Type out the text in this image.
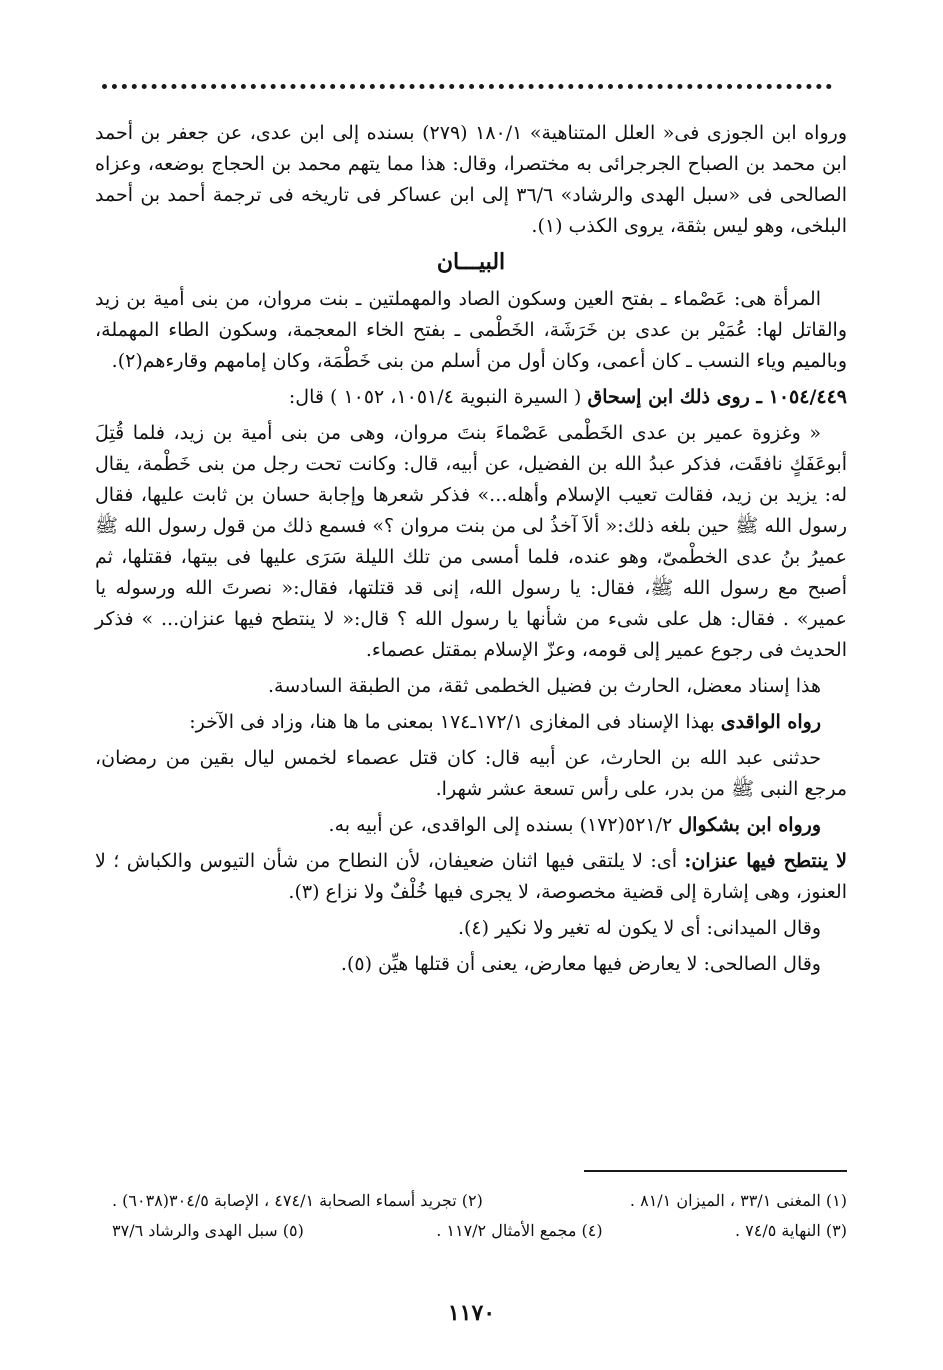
ورواه ابن الجوزى فى« العلل المتناهية» ١٨٠/١ (٢٧٩) بسنده إلى ابن عدى، عن جعفر بن أحمد ابن محمد بن الصباح الجرجرائى به مختصرا، وقال: هذا مما يتهم محمد بن الحجاج بوضعه، وعزاه الصالحى فى «سبل الهدى والرشاد» ٣٦/٦ إلى ابن عساكر فى تاريخه فى ترجمة أحمد بن أحمد البلخى، وهو ليس بثقة، يروى الكذب (١).

البيـــان

المرأة هى: عَصْماء ـ بفتح العين وسكون الصاد والمهملتين ـ بنت مروان، من بنى أمية بن زيد والقاتل لها: عُمَيْر بن عدى بن خَرَشَة، الخَطْمى ـ بفتح الخاء المعجمة، وسكون الطاء المهملة، وبالميم وياء النسب ـ كان أعمى، وكان أول من أسلم من بنى خَطْمَة، وكان إمامهم وقارءهم(٢).

١٠٥٤/٤٤٩ ـ روى ذلك ابن إسحاق ( السيرة النبوية ١٠٥١/٤، ١٠٥٢ ) قال:

« وغزوة عمير بن عدى الخَطْمى عَصْماءَ بنتَ مروان، وهى من بنى أمية بن زيد، فلما قُتِلَ أبوعَفَكٍ نافقَت، فذكر عبدُ الله بن الفضيل، عن أبيه، قال: وكانت تحت رجل من بنى خَطْمة، يقال له: يزيد بن زيد، فقالت تعيب الإسلام وأهله...» فذكر شعرها وإجابة حسان بن ثابت عليها، فقال رسول الله ﷺ حين بلغه ذلك:« ألاَ آخذُ لى من بنت مروان ؟» فسمع ذلك من قول رسول الله ﷺ عميرُ بنُ عدى الخطْمىّ، وهو عنده، فلما أمسى من تلك الليلة سَرَى عليها فى بيتها، فقتلها، ثم أصبح مع رسول الله ﷺ، فقال: يا رسول الله، إنى قد قتلتها، فقال:« نصرتَ الله ورسوله يا عمير» . فقال: هل على شىء من شأنها يا رسول الله ؟ قال:« لا ينتطح فيها عنزان... » فذكر الحديث فى رجوع عمير إلى قومه، وعزّ الإسلام بمقتل عصماء.

هذا إسناد معضل، الحارث بن فضيل الخطمى ثقة، من الطبقة السادسة.

رواه الواقدى بهذا الإسناد فى المغازى ١٧٢/١ـ١٧٤ بمعنى ما ها هنا، وزاد فى الآخر:

حدثنى عبد الله بن الحارث، عن أبيه قال: كان قتل عصماء لخمس ليال بقين من رمضان، مرجع النبى ﷺ من بدر، على رأس تسعة عشر شهرا.

ورواه ابن بشكوال ٥٢١/٢(١٧٢) بسنده إلى الواقدى، عن أبيه به.

لا ينتطح فيها عنزان: أى: لا يلتقى فيها اثنان ضعيفان، لأن النطاح من شأن التيوس والكباش ؛ لا العنوز، وهى إشارة إلى قضية مخصوصة، لا يجرى فيها خُلْفٌ ولا نزاع (٣).

وقال الميدانى: أى لا يكون له تغير ولا نكير (٤).

وقال الصالحى: لا يعارض فيها معارض، يعنى أن قتلها هيِّن (٥).

(١) المغنى ٣٣/١ ، الميزان ٨١/١ .
(٢) تجريد أسماء الصحابة ٤٧٤/١ ، الإصابة ٣٠٤/٥(٦٠٣٨) .
(٣) النهاية ٧٤/٥ .
(٤) مجمع الأمثال ١١٧/٢ .
(٥) سبل الهدى والرشاد ٣٧/٦
١١٧٠
